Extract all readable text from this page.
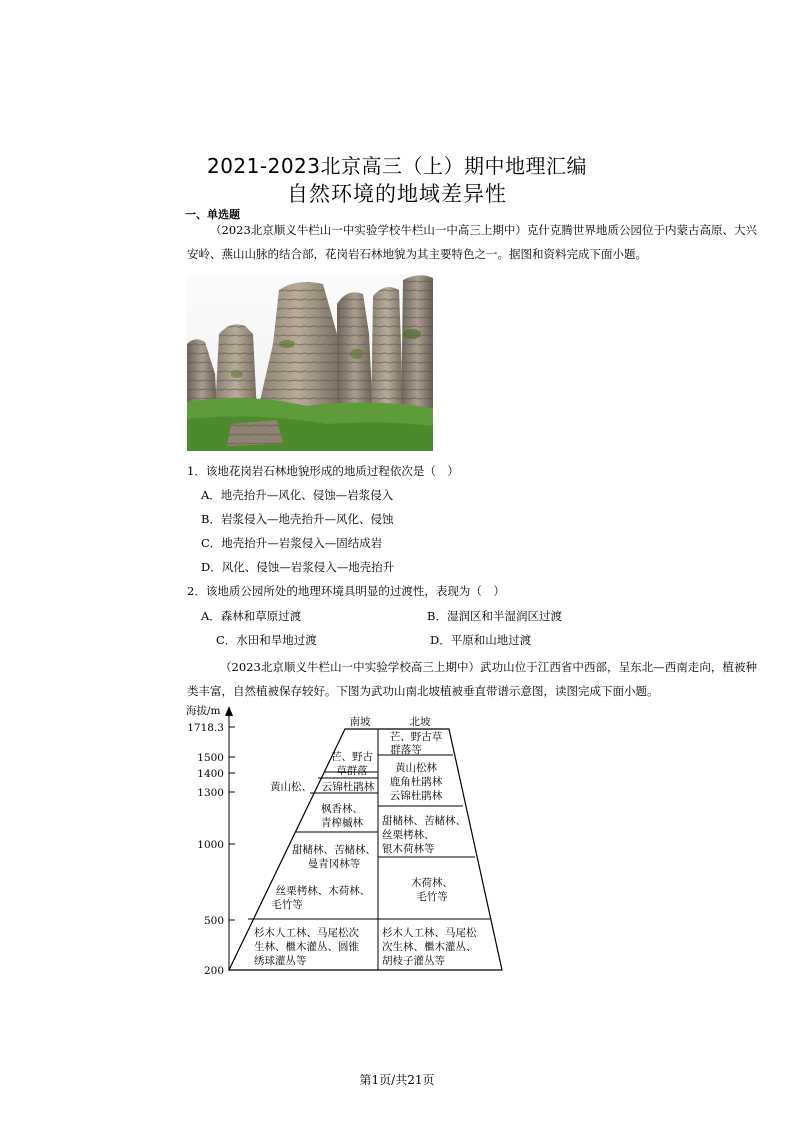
2021-2023北京高三（上）期中地理汇编
自然环境的地域差异性
一、单选题
（2023北京顺义牛栏山一中实验学校牛栏山一中高三上期中）克什克腾世界地质公园位于内蒙古高原、大兴安岭、燕山山脉的结合部，花岗岩石林地貌为其主要特色之一。据图和资料完成下面小题。
1．该地花岗岩石林地貌形成的地质过程依次是（　）
A．地壳抬升—风化、侵蚀—岩浆侵入
B．岩浆侵入—地壳抬升—风化、侵蚀
C．地壳抬升—岩浆侵入—固结成岩
D．风化、侵蚀—岩浆侵入—地壳抬升
2．该地质公园所处的地理环境具明显的过渡性，表现为（　）
A．森林和草原过渡	B．湿润区和半湿润区过渡
C．水田和旱地过渡	D．平原和山地过渡
（2023北京顺义牛栏山一中实验学校高三上期中）武功山位于江西省中西部，呈东北—西南走向，植被种类丰富，自然植被保存较好。下图为武功山南北坡植被垂直带谱示意图，读图完成下面小题。
海拔/m
1718.3
1500
1400
1300
1000
500
200
南坡	北坡
芒、野古
草群落
黄山松、 云锦杜鹃林
枫香林、
青榨槭林
甜槠林、苦槠林、
曼青冈林等
丝栗栲林、木荷林、
毛竹等
杉木人工林、马尾松次
生林、檵木灌丛、圆锥
绣球灌丛等
芒、野古草
群落等
黄山松林
鹿角杜鹃林
云锦杜鹃林
甜槠林、苦槠林、
丝栗栲林、
银木荷林等
木荷林、
毛竹等
杉木人工林、马尾松
次生林、檵木灌丛、
胡枝子灌丛等
第1页/共21页
